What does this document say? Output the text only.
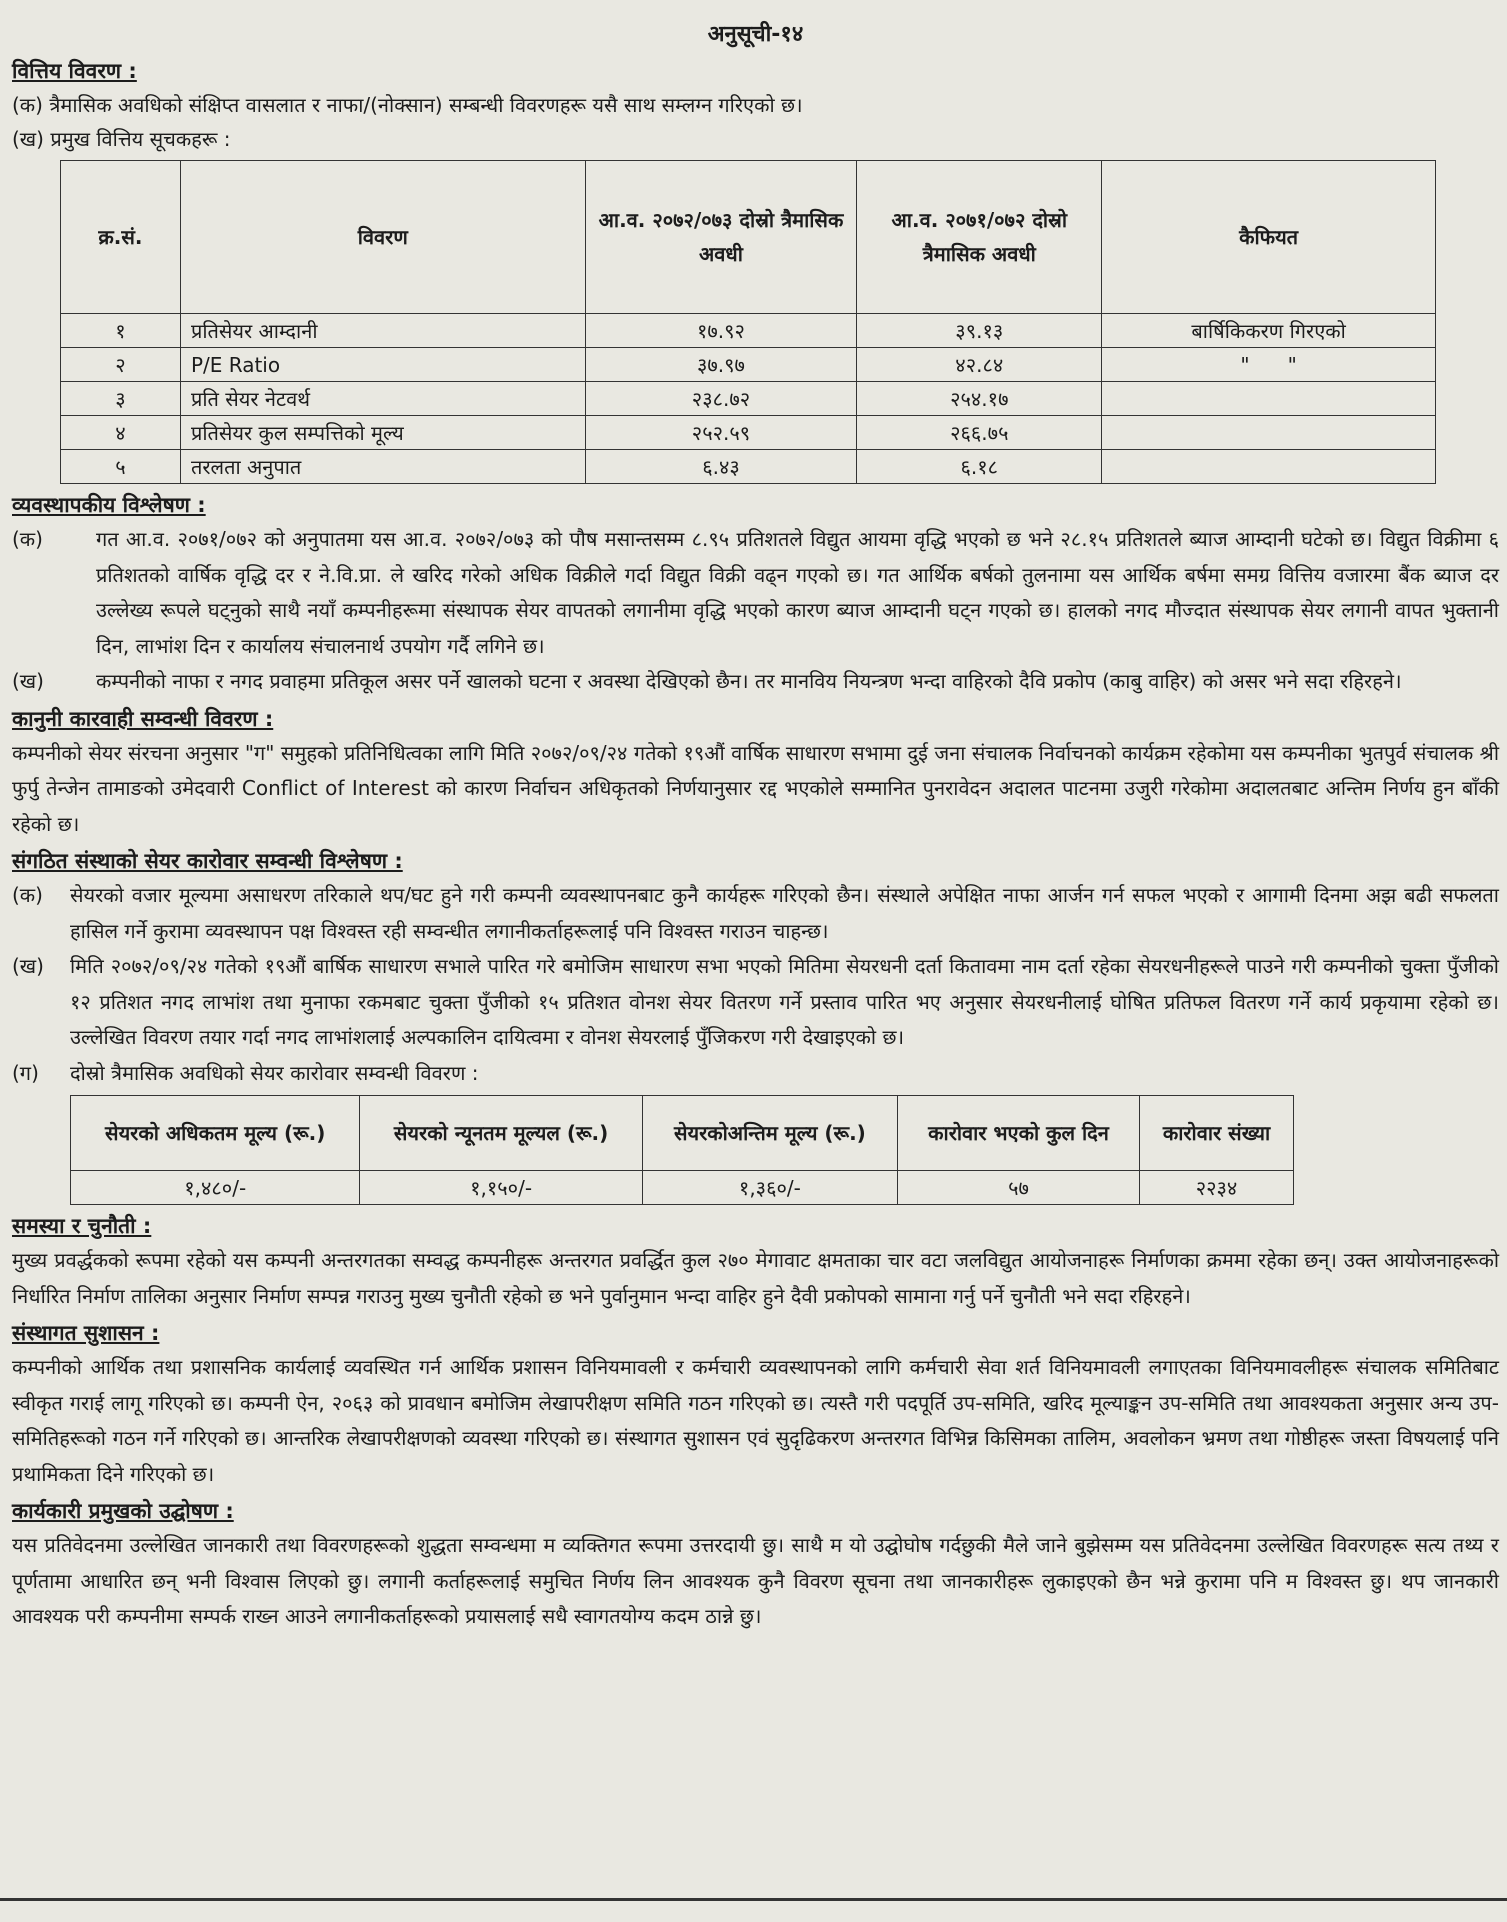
अनुसूची-१४
वित्तिय विवरण :
(क) त्रैमासिक अवधिको संक्षिप्त वासलात र नाफा/(नोक्सान) सम्बन्धी विवरणहरू यसै साथ सम्लग्न गरिएको छ।
(ख) प्रमुख वित्तिय सूचकहरू :
क्र.सं.	विवरण	आ.व. २०७२/०७३ दोस्रो त्रैमासिक अवधी	आ.व. २०७१/०७२ दोस्रो त्रैमासिक अवधी	कैफियत
१	प्रतिसेयर आम्दानी	१७.९२	३९.१३	बार्षिकिकरण गिरएको
२	P/E Ratio	३७.९७	४२.८४	"      "
३	प्रति सेयर नेटवर्थ	२३८.७२	२५४.१७	
४	प्रतिसेयर कुल सम्पत्तिको मूल्य	२५२.५९	२६६.७५	
५	तरलता अनुपात	६.४३	६.१८	
व्यवस्थापकीय विश्लेषण :
(क)	गत आ.व. २०७१/०७२ को अनुपातमा यस आ.व. २०७२/०७३ को पौष मसान्तसम्म ८.९५ प्रतिशतले विद्युत आयमा वृद्धि भएको छ भने २८.१५ प्रतिशतले ब्याज आम्दानी घटेको छ। विद्युत विक्रीमा ६ प्रतिशतको वार्षिक वृद्धि दर र ने.वि.प्रा. ले खरिद गरेको अधिक विक्रीले गर्दा विद्युत विक्री वढ्न गएको छ। गत आर्थिक बर्षको तुलनामा यस आर्थिक बर्षमा समग्र वित्तिय वजारमा बैंक ब्याज दर उल्लेख्य रूपले घट्नुको साथै नयाँ कम्पनीहरूमा संस्थापक सेयर वापतको लगानीमा वृद्धि भएको कारण ब्याज आम्दानी घट्न गएको छ। हालको नगद मौज्दात संस्थापक सेयर लगानी वापत भुक्तानी दिन, लाभांश दिन र कार्यालय संचालनार्थ उपयोग गर्दै लगिने छ।
(ख)	कम्पनीको नाफा र नगद प्रवाहमा प्रतिकूल असर पर्ने खालको घटना र अवस्था देखिएको छैन। तर मानविय नियन्त्रण भन्दा वाहिरको दैवि प्रकोप (काबु वाहिर) को असर भने सदा रहिरहने।
कानुनी कारवाही सम्वन्धी विवरण :
कम्पनीको सेयर संरचना अनुसार "ग" समुहको प्रतिनिधित्वका लागि मिति २०७२/०९/२४ गतेको १९औं वार्षिक साधारण सभामा दुई जना संचालक निर्वाचनको कार्यक्रम रहेकोमा यस कम्पनीका भुतपुर्व संचालक श्री फुर्पु तेन्जेन तामाङको उमेदवारी Conflict of Interest को कारण निर्वाचन अधिकृतको निर्णयानुसार रद्द भएकोले सम्मानित पुनरावेदन अदालत पाटनमा उजुरी गरेकोमा अदालतबाट अन्तिम निर्णय हुन बाँकी रहेको छ।
संगठित संस्थाको सेयर कारोवार सम्वन्धी विश्लेषण :
(क)	सेयरको वजार मूल्यमा असाधरण तरिकाले थप/घट हुने गरी कम्पनी व्यवस्थापनबाट कुनै कार्यहरू गरिएको छैन। संस्थाले अपेक्षित नाफा आर्जन गर्न सफल भएको र आगामी दिनमा अझ बढी सफलता हासिल गर्ने कुरामा व्यवस्थापन पक्ष विश्वस्त रही सम्वन्धीत लगानीकर्ताहरूलाई पनि विश्वस्त गराउन चाहन्छ।
(ख)	मिति २०७२/०९/२४ गतेको १९औं बार्षिक साधारण सभाले पारित गरे बमोजिम साधारण सभा भएको मितिमा सेयरधनी दर्ता कितावमा नाम दर्ता रहेका सेयरधनीहरूले पाउने गरी कम्पनीको चुक्ता पुँजीको १२ प्रतिशत नगद लाभांश तथा मुनाफा रकमबाट चुक्ता पुँजीको १५ प्रतिशत वोनश सेयर वितरण गर्ने प्रस्ताव पारित भए अनुसार सेयरधनीलाई घोषित प्रतिफल वितरण गर्ने कार्य प्रकृयामा रहेको छ। उल्लेखित विवरण तयार गर्दा नगद लाभांशलाई अल्पकालिन दायित्वमा र वोनश सेयरलाई पुँजिकरण गरी देखाइएको छ।
(ग)	दोस्रो त्रैमासिक अवधिको सेयर कारोवार सम्वन्धी विवरण :
सेयरको अधिकतम मूल्य (रू.)	सेयरको न्यूनतम मूल्यल (रू.)	सेयरकोअन्तिम मूल्य (रू.)	कारोवार भएको कुल दिन	कारोवार संख्या
१,४८०/-	१,१५०/-	१,३६०/-	५७	२२३४
समस्या र चुनौती :
मुख्य प्रवर्द्धकको रूपमा रहेको यस कम्पनी अन्तरगतका सम्वद्ध कम्पनीहरू अन्तरगत प्रवर्द्धित कुल २७० मेगावाट क्षमताका चार वटा जलविद्युत आयोजनाहरू निर्माणका क्रममा रहेका छन्। उक्त आयोजनाहरूको निर्धारित निर्माण तालिका अनुसार निर्माण सम्पन्न गराउनु मुख्य चुनौती रहेको छ भने पुर्वानुमान भन्दा वाहिर हुने दैवी प्रकोपको सामाना गर्नु पर्ने चुनौती भने सदा रहिरहने।
संस्थागत सुशासन :
कम्पनीको आर्थिक तथा प्रशासनिक कार्यलाई व्यवस्थित गर्न आर्थिक प्रशासन विनियमावली र कर्मचारी व्यवस्थापनको लागि कर्मचारी सेवा शर्त विनियमावली लगाएतका विनियमावलीहरू संचालक समितिबाट स्वीकृत गराई लागू गरिएको छ। कम्पनी ऐन, २०६३ को प्रावधान बमोजिम लेखापरीक्षण समिति गठन गरिएको छ। त्यस्तै गरी पदपूर्ति उप-समिति, खरिद मूल्याङ्कन उप-समिति तथा आवश्यकता अनुसार अन्य उप-समितिहरूको गठन गर्ने गरिएको छ। आन्तरिक लेखापरीक्षणको व्यवस्था गरिएको छ। संस्थागत सुशासन एवं सुदृढिकरण अन्तरगत विभिन्न किसिमका तालिम, अवलोकन भ्रमण तथा गोष्ठीहरू जस्ता विषयलाई पनि प्रथामिकता दिने गरिएको छ।
कार्यकारी प्रमुखको उद्घोषण :
यस प्रतिवेदनमा उल्लेखित जानकारी तथा विवरणहरूको शुद्धता सम्वन्धमा म व्यक्तिगत रूपमा उत्तरदायी छु। साथै म यो उद्घोघोष गर्दछुकी मैले जाने बुझेसम्म यस प्रतिवेदनमा उल्लेखित विवरणहरू सत्य तथ्य र पूर्णतामा आधारित छन् भनी विश्वास लिएको छु। लगानी कर्ताहरूलाई समुचित निर्णय लिन आवश्यक कुनै विवरण सूचना तथा जानकारीहरू लुकाइएको छैन भन्ने कुरामा पनि म विश्वस्त छु। थप जानकारी आवश्यक परी कम्पनीमा सम्पर्क राख्न आउने लगानीकर्ताहरूको प्रयासलाई सधै स्वागतयोग्य कदम ठान्ने छु।
